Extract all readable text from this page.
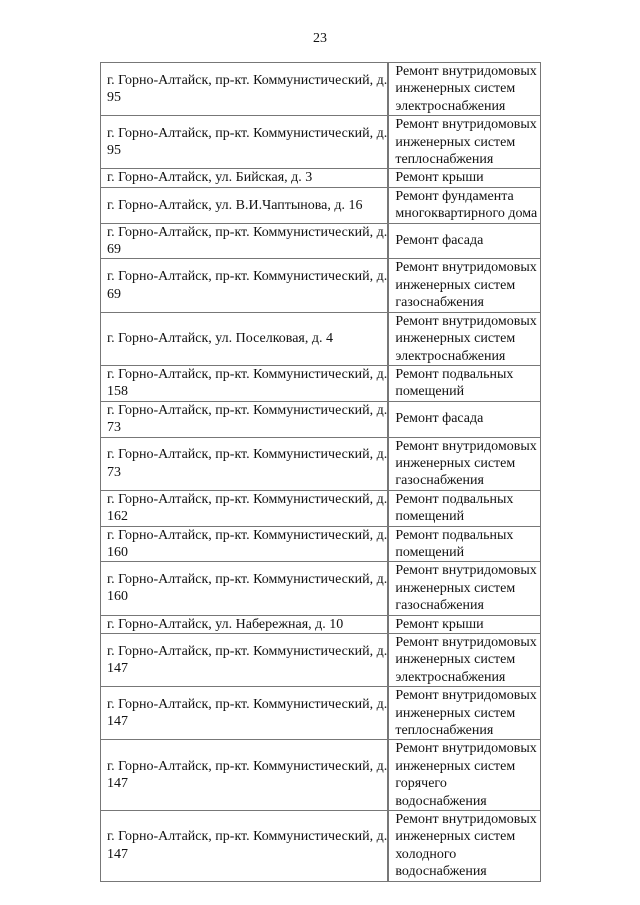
23
г. Горно-Алтайск, пр-кт. Коммунистический, д. 95	Ремонт внутридомовых инженерных систем электроснабжения
г. Горно-Алтайск, пр-кт. Коммунистический, д. 95	Ремонт внутридомовых инженерных систем теплоснабжения
г. Горно-Алтайск, ул. Бийская, д. 3	Ремонт крыши
г. Горно-Алтайск, ул. В.И.Чаптынова, д. 16	Ремонт фундамента многоквартирного дома
г. Горно-Алтайск, пр-кт. Коммунистический, д. 69	Ремонт фасада
г. Горно-Алтайск, пр-кт. Коммунистический, д. 69	Ремонт внутридомовых инженерных систем газоснабжения
г. Горно-Алтайск, ул. Поселковая, д. 4	Ремонт внутридомовых инженерных систем электроснабжения
г. Горно-Алтайск, пр-кт. Коммунистический, д. 158	Ремонт подвальных помещений
г. Горно-Алтайск, пр-кт. Коммунистический, д. 73	Ремонт фасада
г. Горно-Алтайск, пр-кт. Коммунистический, д. 73	Ремонт внутридомовых инженерных систем газоснабжения
г. Горно-Алтайск, пр-кт. Коммунистический, д. 162	Ремонт подвальных помещений
г. Горно-Алтайск, пр-кт. Коммунистический, д. 160	Ремонт подвальных помещений
г. Горно-Алтайск, пр-кт. Коммунистический, д. 160	Ремонт внутридомовых инженерных систем газоснабжения
г. Горно-Алтайск, ул. Набережная, д. 10	Ремонт крыши
г. Горно-Алтайск, пр-кт. Коммунистический, д. 147	Ремонт внутридомовых инженерных систем электроснабжения
г. Горно-Алтайск, пр-кт. Коммунистический, д. 147	Ремонт внутридомовых инженерных систем теплоснабжения
г. Горно-Алтайск, пр-кт. Коммунистический, д. 147	Ремонт внутридомовых инженерных систем горячего водоснабжения
г. Горно-Алтайск, пр-кт. Коммунистический, д. 147	Ремонт внутридомовых инженерных систем холодного водоснабжения
